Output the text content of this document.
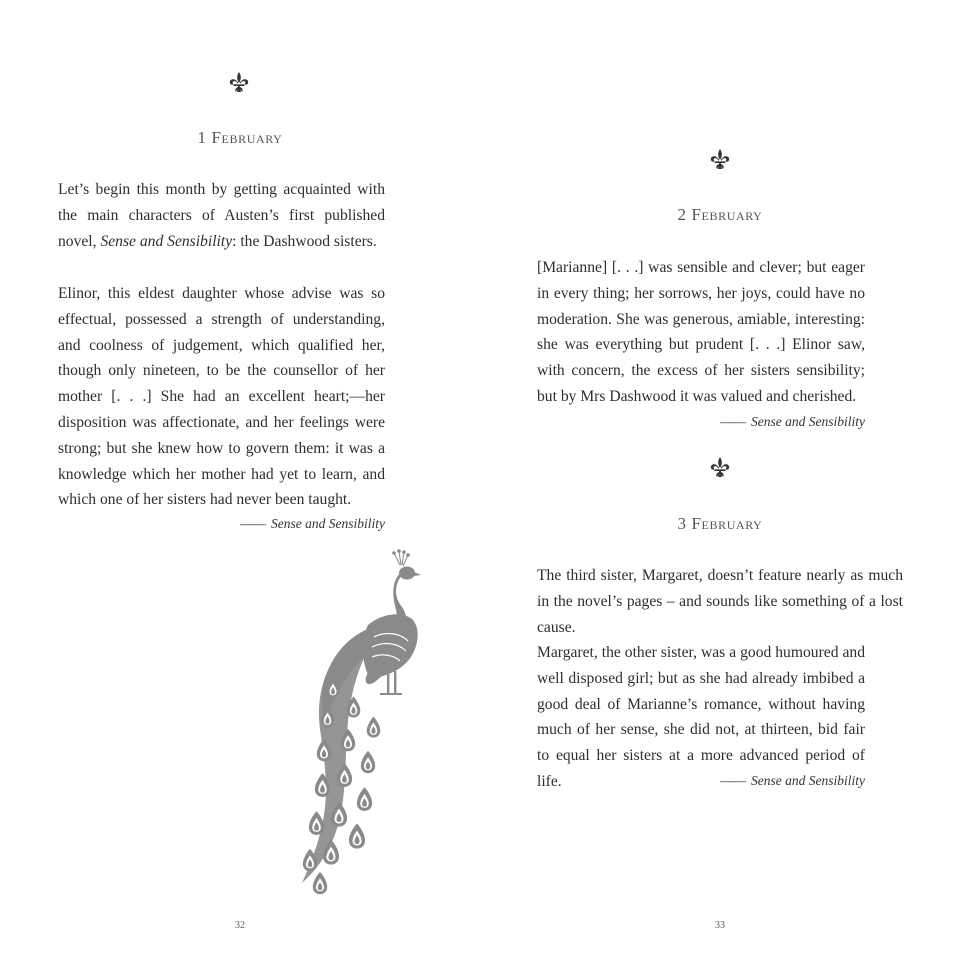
1 February
Let’s begin this month by getting acquainted with the main characters of Austen’s first published novel, Sense and Sensibility: the Dashwood sisters.
Elinor, this eldest daughter whose advise was so effectual, possessed a strength of understanding, and coolness of judgement, which qualified her, though only nineteen, to be the counsellor of her mother [. . .] She had an excellent heart;—her disposition was affectionate, and her feelings were strong; but she knew how to govern them: it was a knowledge which her mother had yet to learn, and which one of her sisters had never been taught.
—— Sense and Sensibility
32
2 February
[Marianne] [. . .] was sensible and clever; but eager in every thing; her sorrows, her joys, could have no moderation. She was generous, amiable, interesting: she was everything but prudent [. . .] Elinor saw, with concern, the excess of her sisters sensibility; but by Mrs Dashwood it was valued and cherished.
—— Sense and Sensibility
3 February
The third sister, Margaret, doesn’t feature nearly as much in the novel’s pages – and sounds like something of a lost cause.
Margaret, the other sister, was a good humoured and well disposed girl; but as she had already imbibed a good deal of Marianne’s romance, without having much of her sense, she did not, at thirteen, bid fair to equal her sisters at a more advanced period of life.	—— Sense and Sensibility
33
